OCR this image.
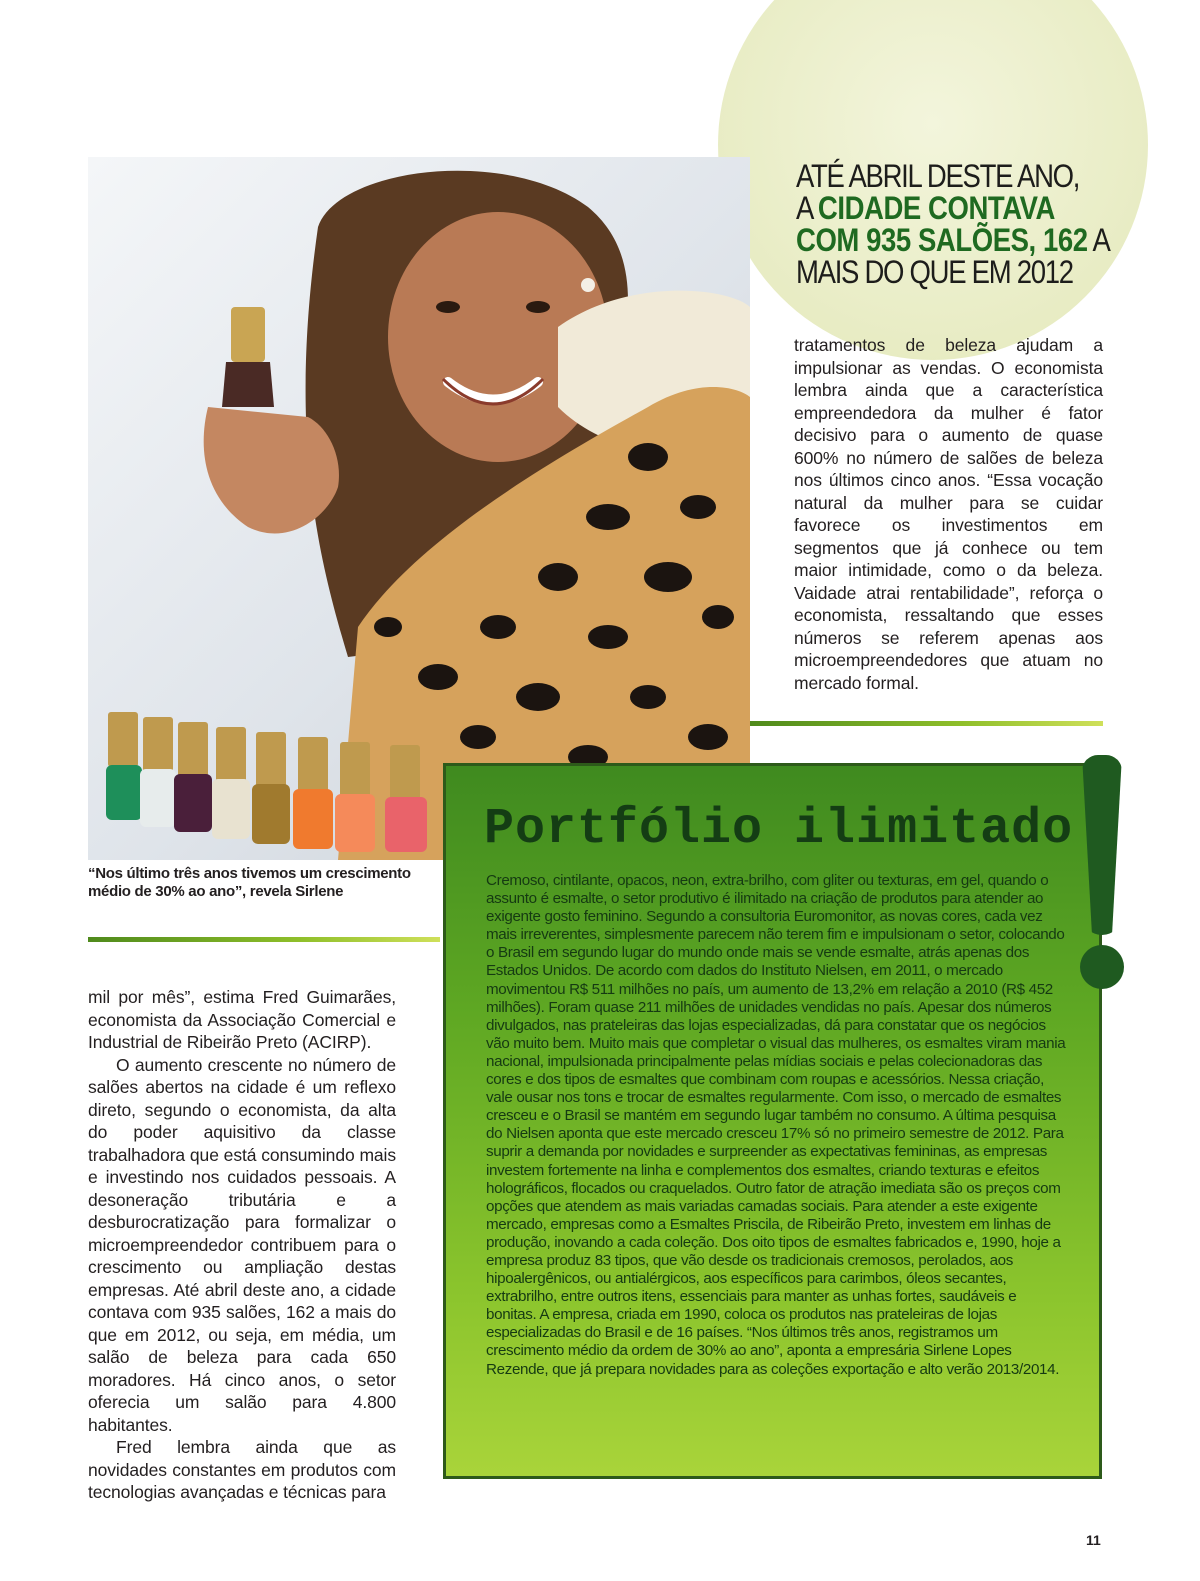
ATÉ ABRIL DESTE ANO,
A CIDADE CONTAVA
COM 935 SALÕES, 162 A
MAIS DO QUE EM 2012
“Nos último três anos tivemos um crescimento médio de 30% ao ano”, revela Sirlene

tratamentos de beleza ajudam a impulsionar as vendas. O economista lembra ainda que a característica empreendedora da mulher é fator decisivo para o aumento de quase 600% no número de salões de beleza nos últimos cinco anos. “Essa vocação natural da mulher para se cuidar favorece os investimentos em segmentos que já conhece ou tem maior intimidade, como o da beleza. Vaidade atrai rentabilidade”, reforça o economista, ressaltando que esses números se referem apenas aos microempreendedores que atuam no mercado formal.

mil por mês”, estima Fred Guimarães, economista da Associação Comercial e Industrial de Ribeirão Preto (ACIRP).

O aumento crescente no número de salões abertos na cidade é um reflexo direto, segundo o economista, da alta do poder aquisitivo da classe trabalhadora que está consumindo mais e investindo nos cuidados pessoais. A desoneração tributária e a desburocratização para formalizar o microempreendedor contribuem para o crescimento ou ampliação destas empresas. Até abril deste ano, a cidade contava com 935 salões, 162 a mais do que em 2012, ou seja, em média, um salão de beleza para cada 650 moradores. Há cinco anos, o setor oferecia um salão para 4.800 habitantes.

Fred lembra ainda que as novidades constantes em produtos com tecnologias avançadas e técnicas para

Portfólio ilimitado
Cremoso, cintilante, opacos, neon, extra-brilho, com gliter ou texturas, em gel, quando o assunto é esmalte, o setor produtivo é ilimitado na criação de produtos para atender ao exigente gosto feminino. Segundo a consultoria Euromonitor, as novas cores, cada vez mais irreverentes, simplesmente parecem não terem fim e impulsionam o setor, colocando o Brasil em segundo lugar do mundo onde mais se vende esmalte, atrás apenas dos Estados Unidos. De acordo com dados do Instituto Nielsen, em 2011, o mercado movimentou R$ 511 milhões no país, um aumento de 13,2% em relação a 2010 (R$ 452 milhões). Foram quase 211 milhões de unidades vendidas no país. Apesar dos números divulgados, nas prateleiras das lojas especializadas, dá para constatar que os negócios vão muito bem. Muito mais que completar o visual das mulheres, os esmaltes viram mania nacional, impulsionada principalmente pelas mídias sociais e pelas colecionadoras das cores e dos tipos de esmaltes que combinam com roupas e acessórios. Nessa criação, vale ousar nos tons e trocar de esmaltes regularmente. Com isso, o mercado de esmaltes cresceu e o Brasil se mantém em segundo lugar também no consumo. A última pesquisa do Nielsen aponta que este mercado cresceu 17% só no primeiro semestre de 2012. Para suprir a demanda por novidades e surpreender as expectativas femininas, as empresas investem fortemente na linha e complementos dos esmaltes, criando texturas e efeitos holográficos, flocados ou craquelados. Outro fator de atração imediata são os preços com opções que atendem as mais variadas camadas sociais. Para atender a este exigente mercado, empresas como a Esmaltes Priscila, de Ribeirão Preto, investem em linhas de produção, inovando a cada coleção. Dos oito tipos de esmaltes fabricados e, 1990, hoje a empresa produz 83 tipos, que vão desde os tradicionais cremosos, perolados, aos hipoalergênicos, ou antialérgicos, aos específicos para carimbos, óleos secantes, extrabrilho, entre outros itens, essenciais para manter as unhas fortes, saudáveis e bonitas. A empresa, criada em 1990, coloca os produtos nas prateleiras de lojas especializadas do Brasil e de 16 países. “Nos últimos três anos, registramos um crescimento médio da ordem de 30% ao ano”, aponta a empresária Sirlene Lopes Rezende, que já prepara novidades para as coleções exportação e alto verão 2013/2014.
11
